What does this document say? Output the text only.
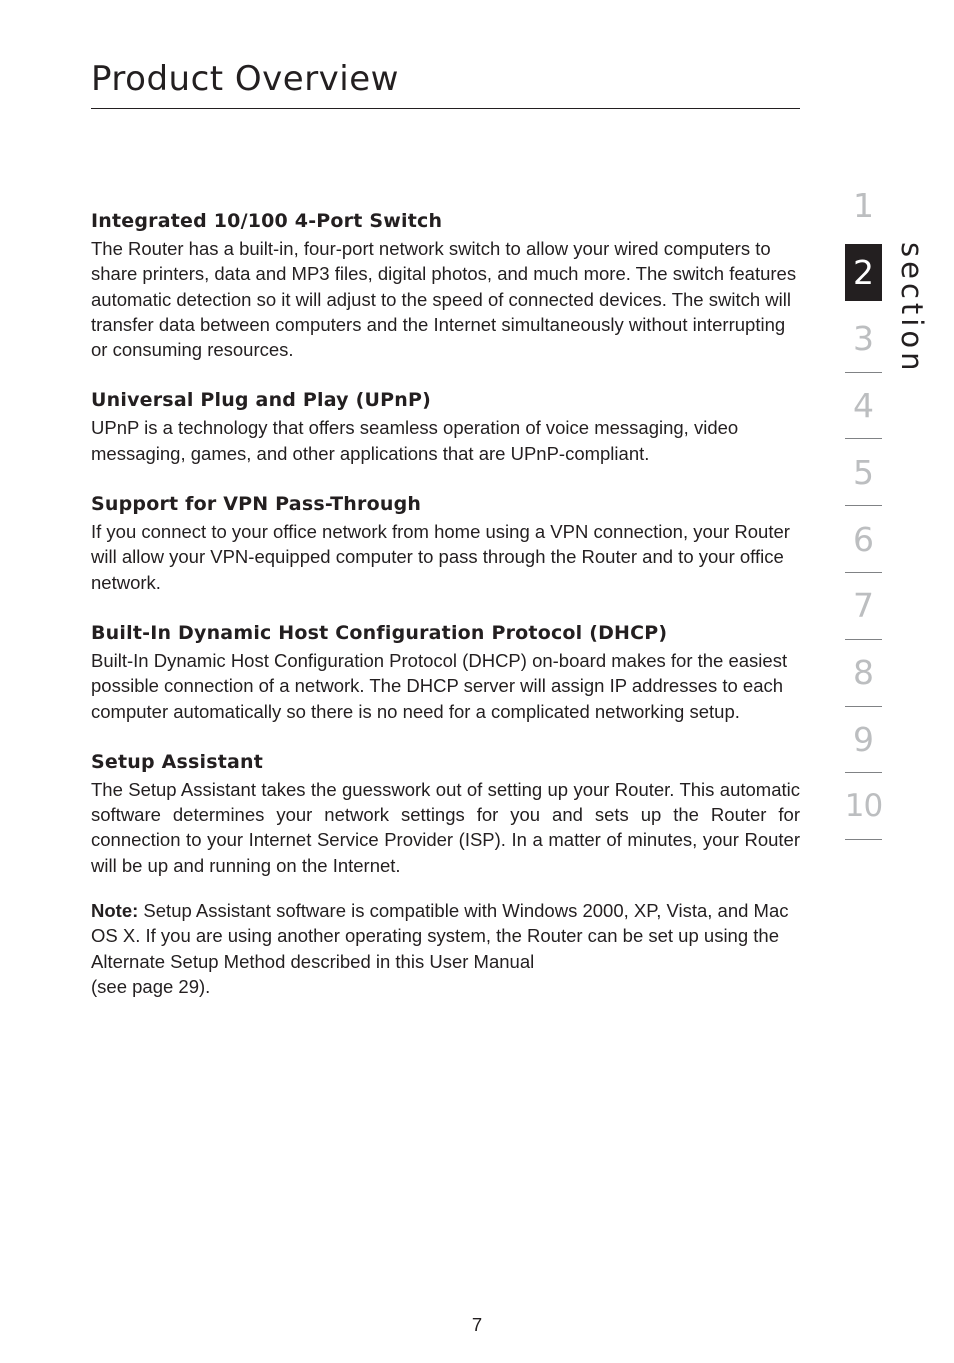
Product Overview
Integrated 10/100 4-Port Switch

The Router has a built-in, four-port network switch to allow your wired computers to share printers, data and MP3 files, digital photos, and much more. The switch features automatic detection so it will adjust to the speed of connected devices. The switch will transfer data between computers and the Internet simultaneously without interrupting or consuming resources.

Universal Plug and Play (UPnP)

UPnP is a technology that offers seamless operation of voice messaging, video messaging, games, and other applications that are UPnP-compliant.

Support for VPN Pass-Through

If you connect to your office network from home using a VPN connection, your Router will allow your VPN-equipped computer to pass through the Router and to your office network.

Built-In Dynamic Host Configuration Protocol (DHCP)

Built-In Dynamic Host Configuration Protocol (DHCP) on-board makes for the easiest possible connection of a network. The DHCP server will assign IP addresses to each computer automatically so there is no need for a complicated networking setup.

Setup Assistant

The Setup Assistant takes the guesswork out of setting up your Router. This automatic software determines your network settings for you and sets up the Router for connection to your Internet Service Provider (ISP). In a matter of minutes, your Router will be up and running on the Internet.

Note: Setup Assistant software is compatible with Windows 2000, XP, Vista, and Mac OS X. If you are using another operating system, the Router can be set up using the Alternate Setup Method described in this User Manual
(see page 29).

1
2
3
4
5
6
7
8
9
10
section
7
